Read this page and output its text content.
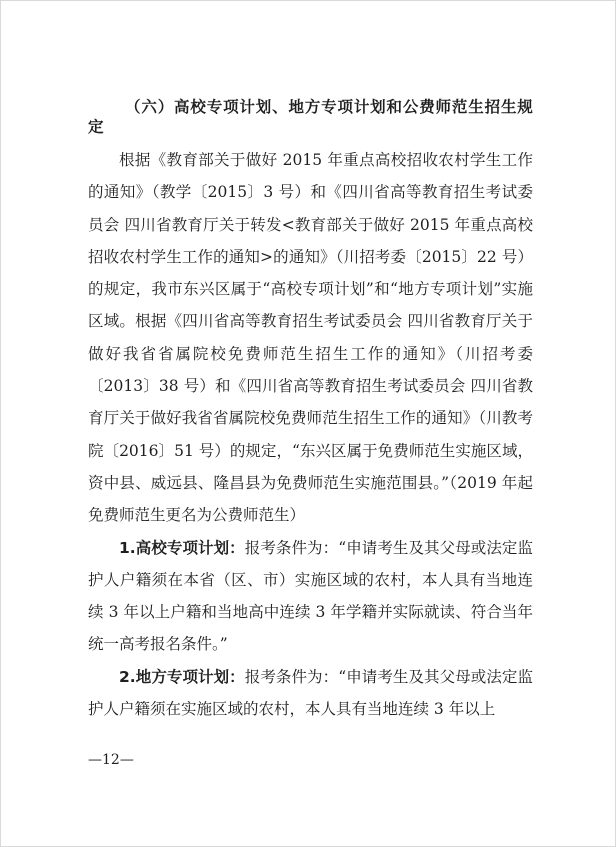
（六）高校专项计划、地方专项计划和公费师范生招生规定

根据《教育部关于做好 2015 年重点高校招收农村学生工作的通知》（教学〔2015〕3 号）和《四川省高等教育招生考试委员会 四川省教育厅关于转发<教育部关于做好 2015 年重点高校招收农村学生工作的通知>的通知》（川招考委〔2015〕22 号）的规定，我市东兴区属于“高校专项计划”和“地方专项计划”实施区域。根据《四川省高等教育招生考试委员会 四川省教育厅关于做好我省省属院校免费师范生招生工作的通知》（川招考委〔2013〕38 号）和《四川省高等教育招生考试委员会 四川省教育厅关于做好我省省属院校免费师范生招生工作的通知》（川教考院〔2016〕51 号）的规定，“东兴区属于免费师范生实施区域，资中县、威远县、隆昌县为免费师范生实施范围县。”（2019 年起免费师范生更名为公费师范生）

1.高校专项计划：报考条件为：“申请考生及其父母或法定监护人户籍须在本省（区、市）实施区域的农村，本人具有当地连续 3 年以上户籍和当地高中连续 3 年学籍并实际就读、符合当年统一高考报名条件。”

2.地方专项计划：报考条件为：“申请考生及其父母或法定监护人户籍须在实施区域的农村，本人具有当地连续 3 年以上

—12—
